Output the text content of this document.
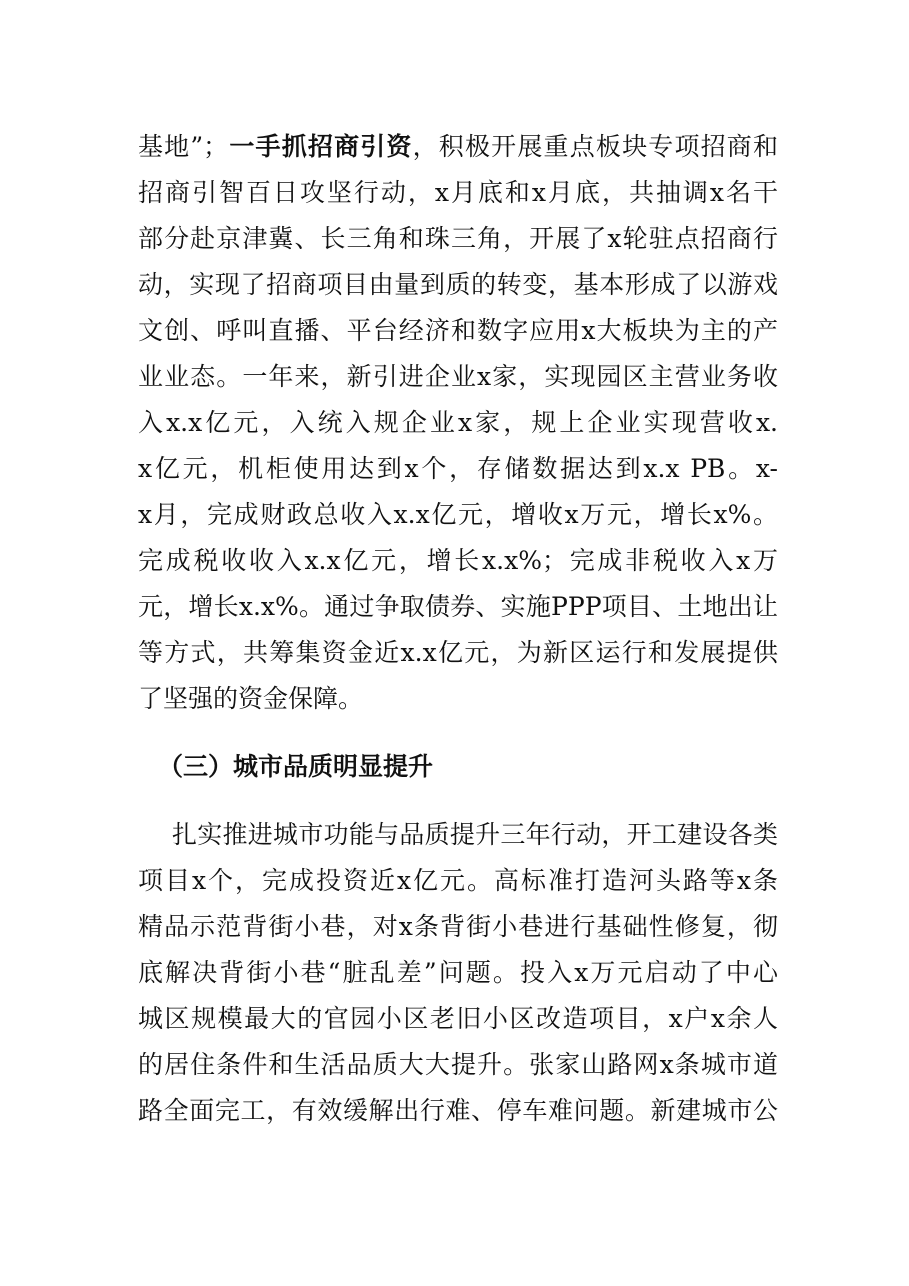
基地”；一手抓招商引资，积极开展重点板块专项招商和
招商引智百日攻坚行动，x月底和x月底，共抽调x名干
部分赴京津冀、长三角和珠三角，开展了x轮驻点招商行
动，实现了招商项目由量到质的转变，基本形成了以游戏
文创、呼叫直播、平台经济和数字应用x大板块为主的产
业业态。一年来，新引进企业x家，实现园区主营业务收
入x.x亿元，入统入规企业x家，规上企业实现营收x.
x亿元，机柜使用达到x个，存储数据达到x.x PB。x-
x月，完成财政总收入x.x亿元，增收x万元，增长x%。
完成税收收入x.x亿元，增长x.x%；完成非税收入x万
元，增长x.x%。通过争取债券、实施PPP项目、土地出让
等方式，共筹集资金近x.x亿元，为新区运行和发展提供
了坚强的资金保障。
（三）城市品质明显提升
扎实推进城市功能与品质提升三年行动，开工建设各类
项目x个，完成投资近x亿元。高标准打造河头路等x条
精品示范背街小巷，对x条背街小巷进行基础性修复，彻
底解决背街小巷“脏乱差”问题。投入x万元启动了中心
城区规模最大的官园小区老旧小区改造项目，x户x余人
的居住条件和生活品质大大提升。张家山路网x条城市道
路全面完工，有效缓解出行难、停车难问题。新建城市公
